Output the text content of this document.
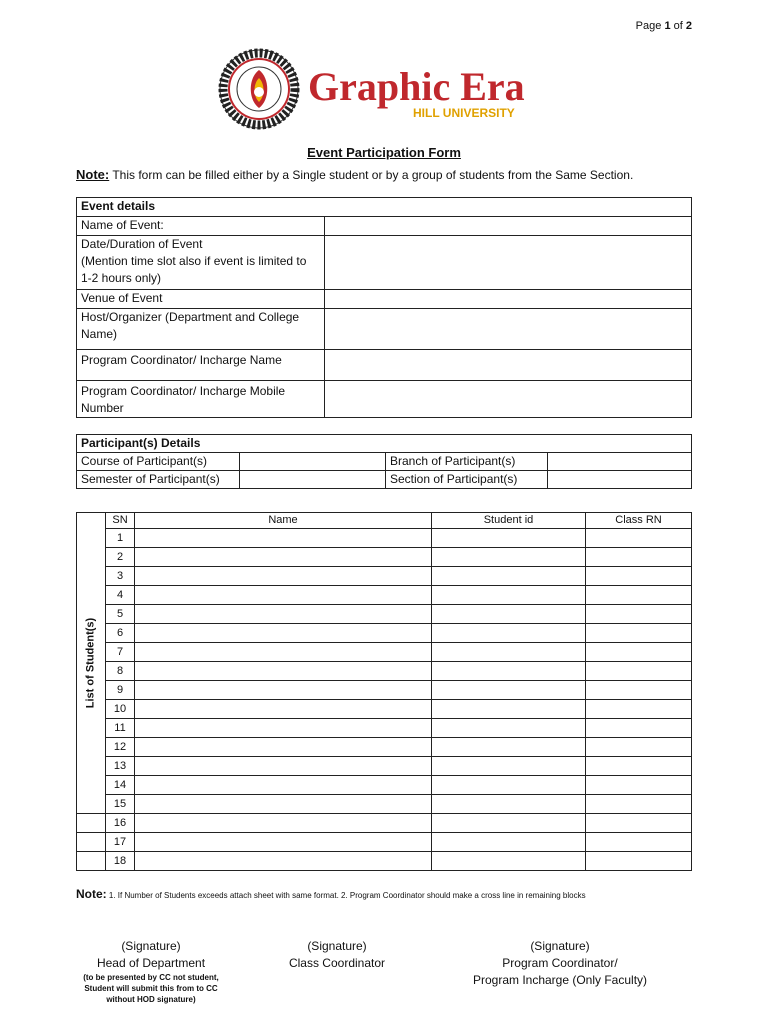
Page 1 of 2
Graphic Era
HILL UNIVERSITY
Event Participation Form
Note: This form can be filled either by a Single student or by a group of students from the Same Section.
Event details	
Name of Event:	
Date/Duration of Event
(Mention time slot also if event is limited to 1-2 hours only)	
Venue of Event	
Host/Organizer (Department and College Name)	
Program Coordinator/ Incharge Name	
Program Coordinator/ Incharge Mobile Number	
Participant(s) Details			
Course of Participant(s)		Branch of Participant(s)	
Semester of Participant(s)		Section of Participant(s)	
List of Student(s)	SN	Name	Student id	Class RN
	1			
	2			
	3			
	4			
	5			
	6			
	7			
	8			
	9			
	10			
	11			
	12			
	13			
	14			
	15			
	16			
	17			
	18			
Note: 1. If Number of Students exceeds attach sheet with same format. 2. Program Coordinator should make a cross line in remaining blocks
(Signature)
Head of Department
(to be presented by CC not student, Student will submit this from to CC without HOD signature)
(Signature)
Class Coordinator
(Signature)
Program Coordinator/
Program Incharge (Only Faculty)
